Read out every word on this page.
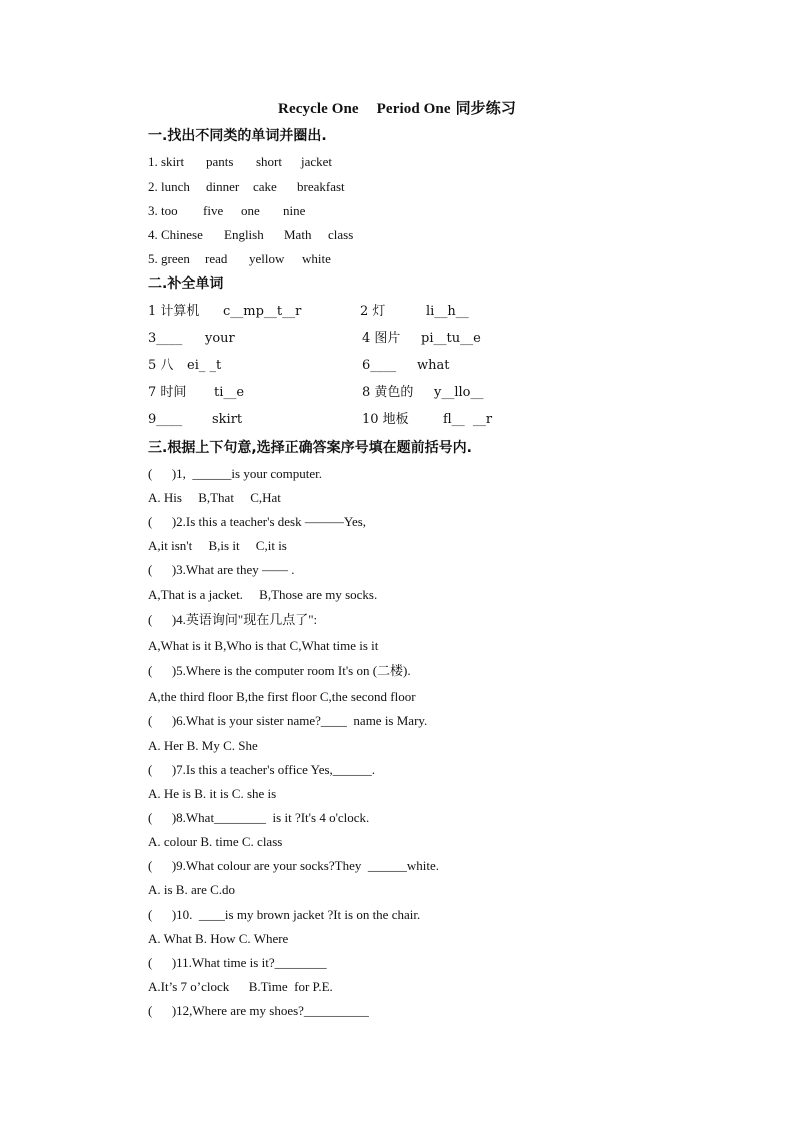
Recycle One Period One 同步练习
一.找出不同类的单词并圈出.
1. skirt pants short jacket
2. lunch dinner cake breakfast
3. too five one nine
4. Chinese English Math class
5. green read yellow white
二.补全单词
1 计算机 c__mp__t__r
3____ your
5 八 ei_ _t
7 时间 ti__e
9____ skirt
2 灯	li__h__
4 图片 pi__tu__e
6____ what
8 黄色的 y__llo__
10 地板	fl__  __r
三.根据上下句意,选择正确答案序号填在题前括号内.
(      )1,  ______is your computer.
A. His     B,That     C,Hat
(      )2.Is this a teacher's desk ———Yes,
A,it isn't     B,is it     C,it is
(      )3.What are they —— .
A,That is a jacket.     B,Those are my socks.
(      )4.英语询问"现在几点了":
A,What is it B,Who is that C,What time is it
(      )5.Where is the computer room It's on (二楼).
A,the third floor B,the first floor C,the second floor
(      )6.What is your sister name?____  name is Mary.
A. Her B. My C. She
(      )7.Is this a teacher's office Yes,______.
A. He is B. it is C. she is
(      )8.What________  is it ?It's 4 o'clock.
A. colour B. time C. class
(      )9.What colour are your socks?They  ______white.
A. is B. are C.do
(      )10.  ____is my brown jacket ?It is on the chair.
A. What B. How C. Where
(      )11.What time is it?________
A.It’s 7 o’clock      B.Time  for P.E.
(      )12,Where are my shoes?__________
